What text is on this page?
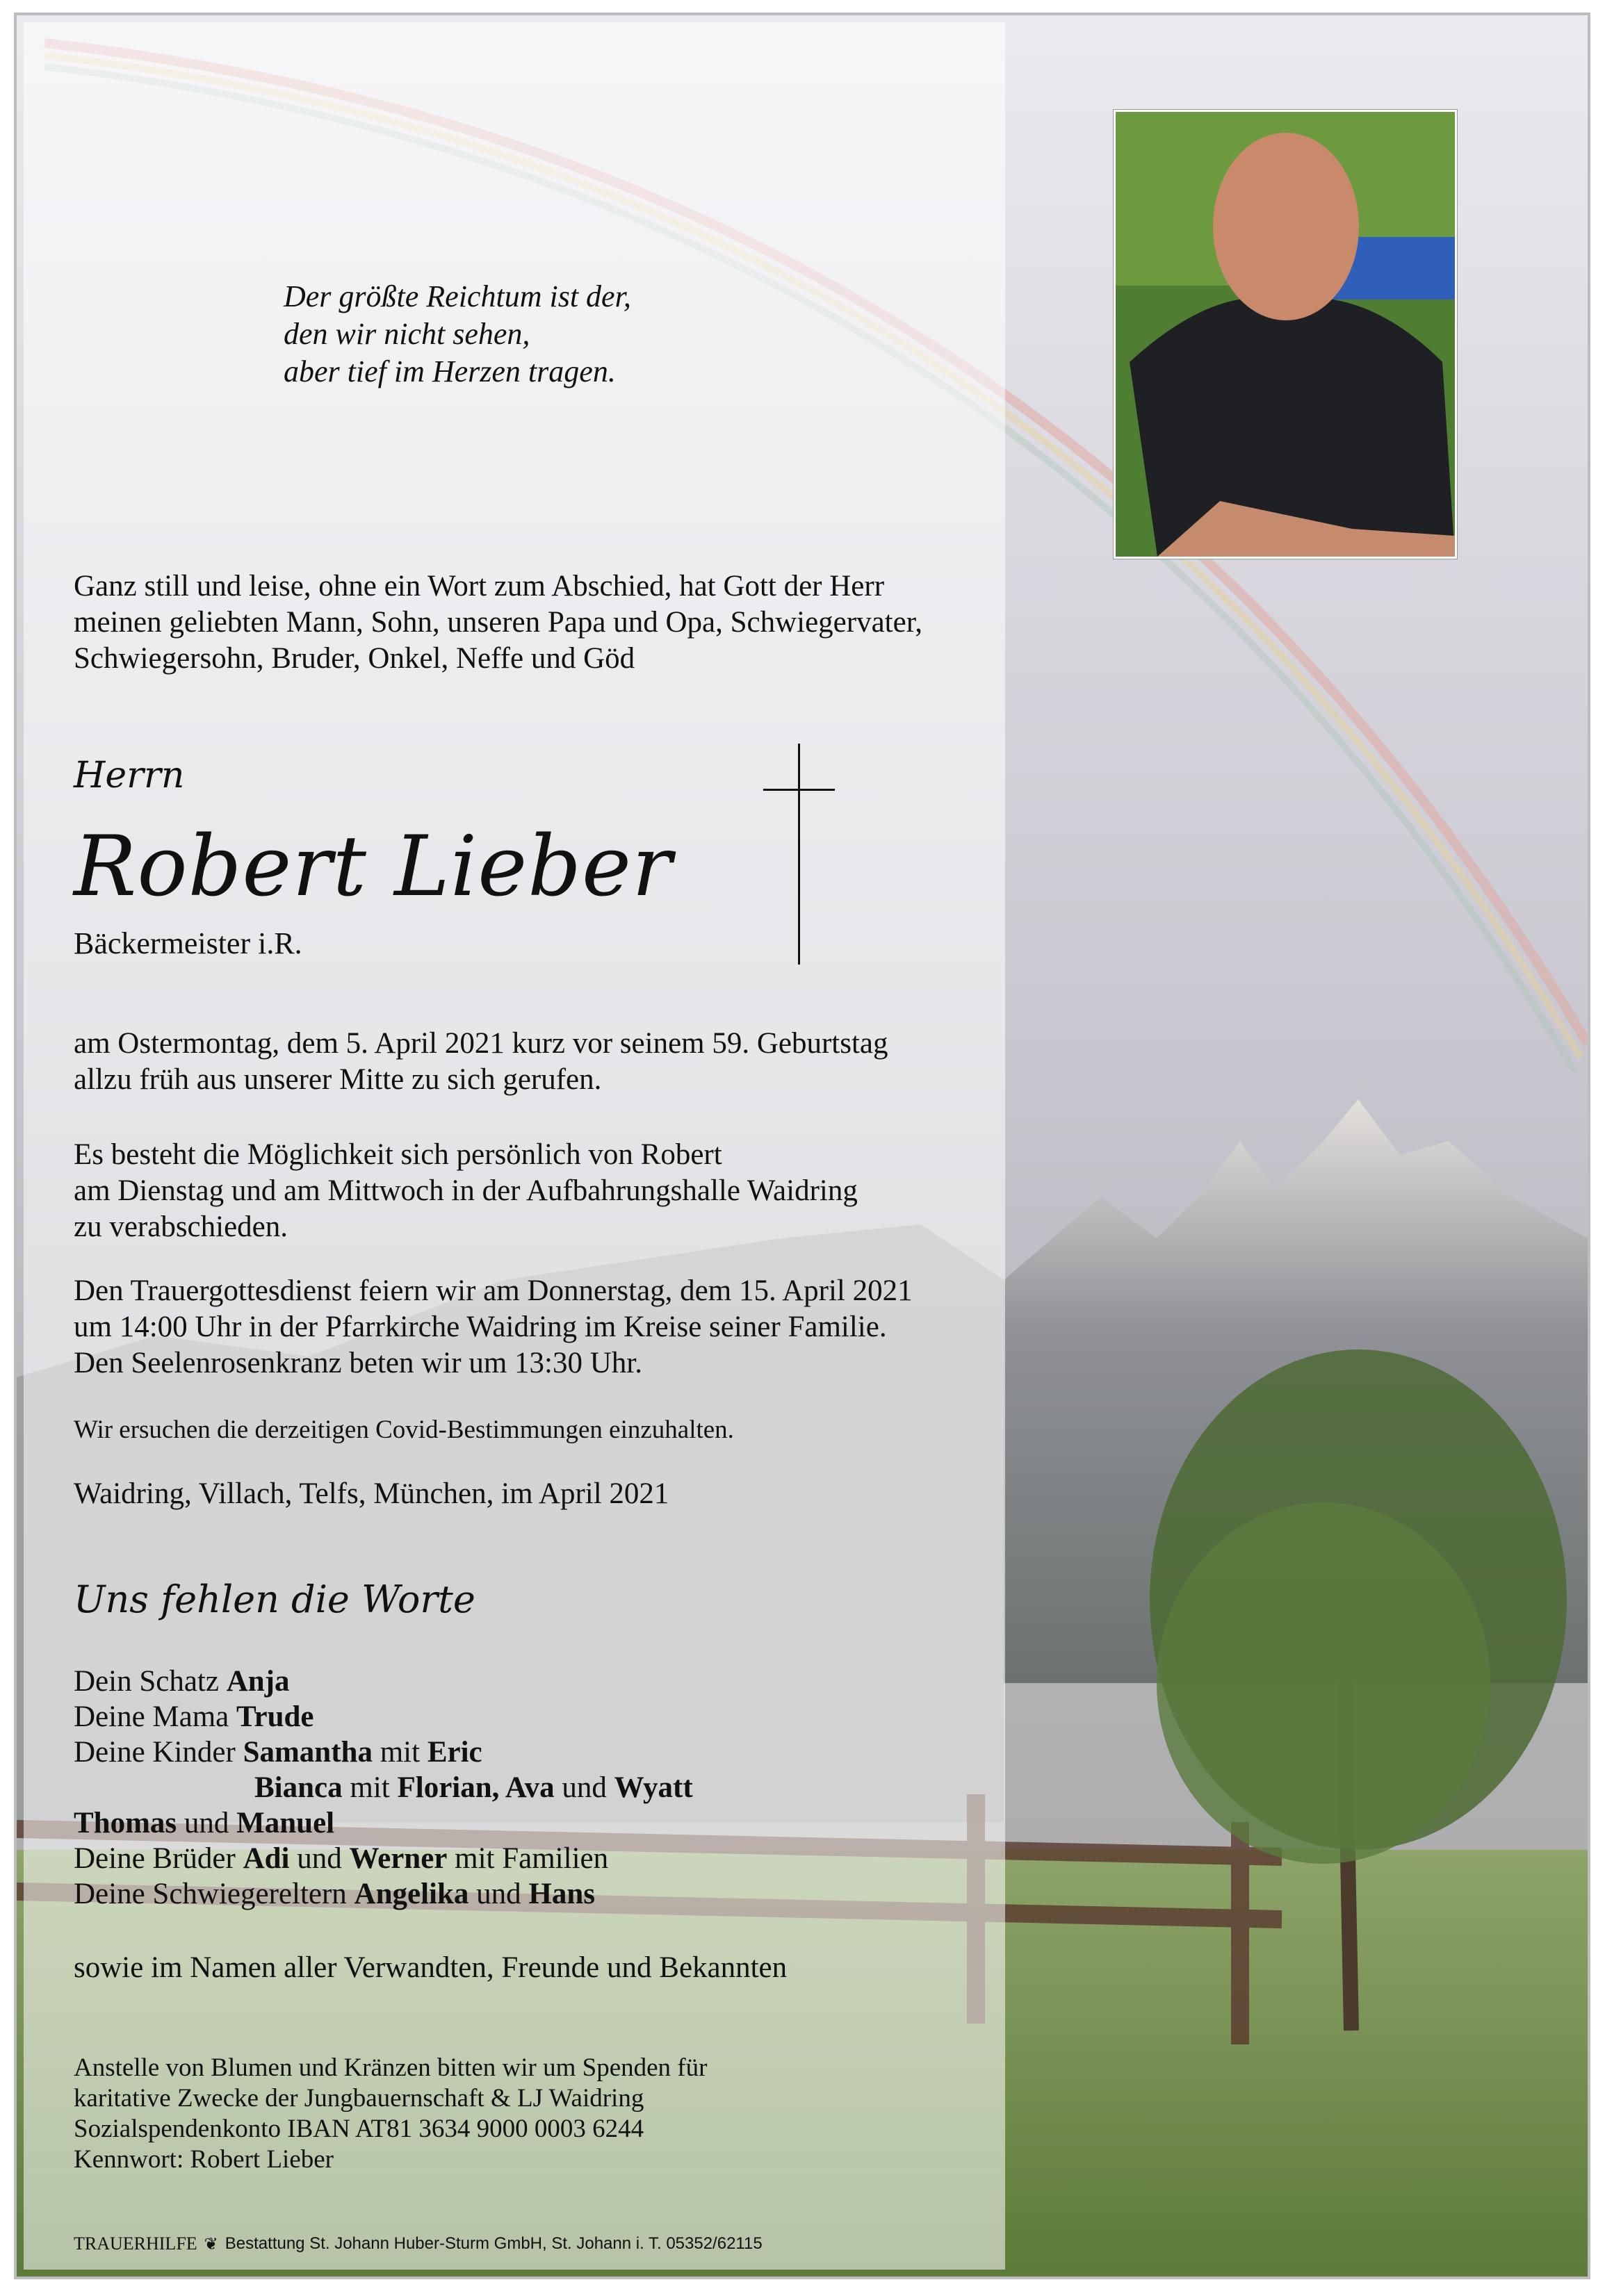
Der größte Reichtum ist der,
den wir nicht sehen,
aber tief im Herzen tragen.
Ganz still und leise, ohne ein Wort zum Abschied, hat Gott der Herr
meinen geliebten Mann, Sohn, unseren Papa und Opa, Schwiegervater,
Schwiegersohn, Bruder, Onkel, Neffe und Göd
Herrn
Robert Lieber
Bäckermeister i.R.
am Ostermontag, dem 5. April 2021 kurz vor seinem 59. Geburtstag
allzu früh aus unserer Mitte zu sich gerufen.
Es besteht die Möglichkeit sich persönlich von Robert
am Dienstag und am Mittwoch in der Aufbahrungshalle Waidring
zu verabschieden.
Den Trauergottesdienst feiern wir am Donnerstag, dem 15. April 2021
um 14:00 Uhr in der Pfarrkirche Waidring im Kreise seiner Familie.
Den Seelenrosenkranz beten wir um 13:30 Uhr.
Wir ersuchen die derzeitigen Covid-Bestimmungen einzuhalten.
Waidring, Villach, Telfs, München, im April 2021
Uns fehlen die Worte
Dein Schatz Anja
Deine Mama Trude
Deine Kinder Samantha mit Eric
Bianca mit Florian, Ava und Wyatt
Thomas und Manuel
Deine Brüder Adi und Werner mit Familien
Deine Schwiegereltern Angelika und Hans
sowie im Namen aller Verwandten, Freunde und Bekannten
Anstelle von Blumen und Kränzen bitten wir um Spenden für
karitative Zwecke der Jungbauernschaft & LJ Waidring
Sozialspendenkonto IBAN AT81 3634 9000 0003 6244
Kennwort: Robert Lieber
TRAUERHILFE ❦ Bestattung St. Johann Huber-Sturm GmbH, St. Johann i. T. 05352/62115
